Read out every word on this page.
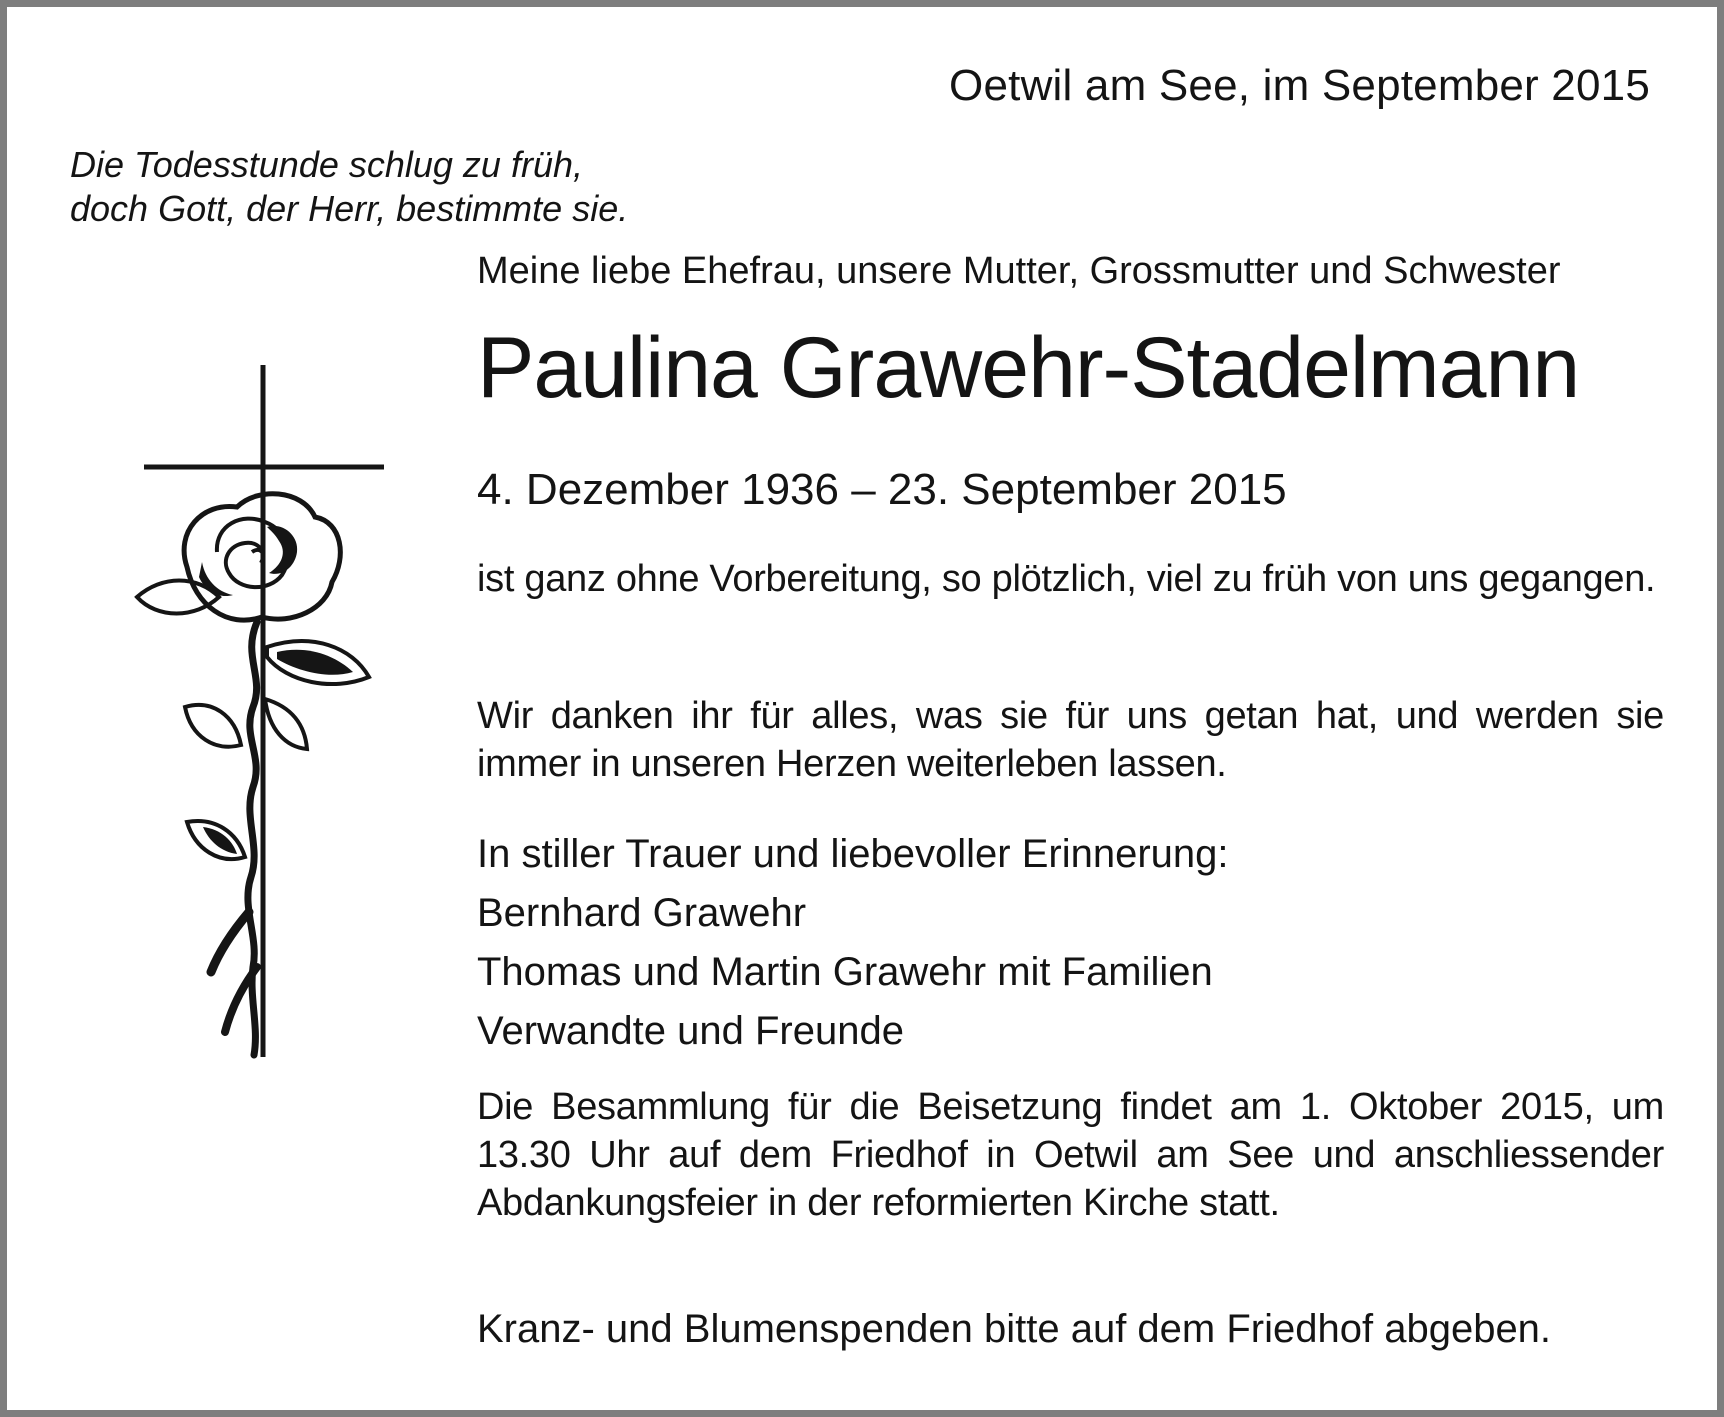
Oetwil am See, im September 2015
Die Todesstunde schlug zu früh,
doch Gott, der Herr, bestimmte sie.
Meine liebe Ehefrau, unsere Mutter, Grossmutter und Schwester
Paulina Grawehr-Stadelmann
4. Dezember 1936 – 23. September 2015
ist ganz ohne Vorbereitung, so plötzlich, viel zu früh von uns gegangen.
Wir danken ihr für alles, was sie für uns getan hat, und werden sie immer in unseren Herzen weiterleben lassen.
In stiller Trauer und liebevoller Erinnerung:
Bernhard Grawehr
Thomas und Martin Grawehr mit Familien
Verwandte und Freunde
Die Besammlung für die Beisetzung findet am 1. Oktober 2015, um 13.30 Uhr auf dem Friedhof in Oetwil am See und anschliessender Abdankungsfeier in der reformierten Kirche statt.
Kranz- und Blumenspenden bitte auf dem Friedhof abgeben.
